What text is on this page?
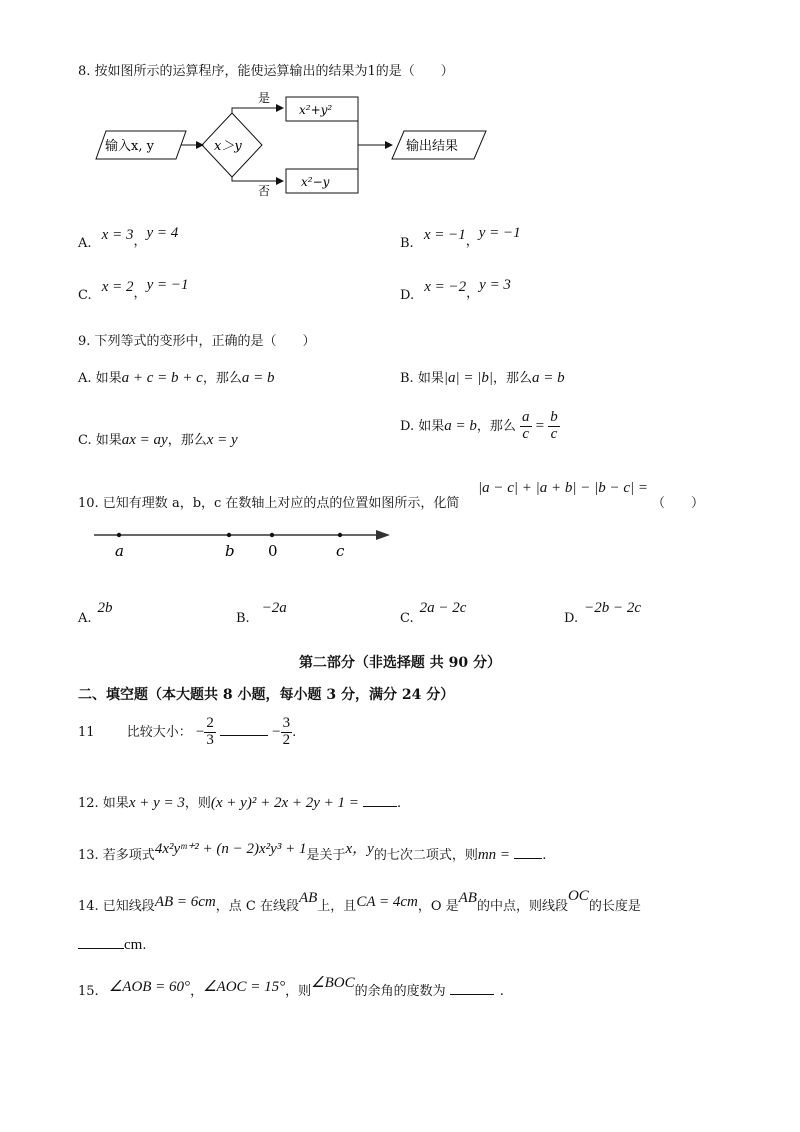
8. 按如图所示的运算程序，能使运算输出的结果为1的是（　　）
输入x, y	x＞y
是
x²+y²
否
x²−y
输出结果
A. x = 3，y = 4
B. x = −1，y = −1
C. x = 2，y = −1
D. x = −2，y = 3
9. 下列等式的变形中，正确的是（　　）
A. 如果a + c = b + c，那么a = b	B. 如果|a| = |b|，那么a = b
C. 如果ax = ay，那么x = y
D. 如果a = b，那么 $\frac{a}{c} = \frac{b}{c}$
10. 已知有理数 a，b，c 在数轴上对应的点的位置如图所示，化简
|a − c| + |a + b| − |b − c| =
（　　）
a	b 0	c
A.2b
B.−2a
C.2a − 2c
D.−2b − 2c
第二部分（非选择题 共 90 分）
二、填空题（本大题共 8 小题，每小题 3 分，满分 24 分）
11 比较大小： − $\frac{2}{3}$	− $\frac{3}{2}$ .
12. 如果x + y = 3，则(x + y)² + 2x + 2y + 1 =	.
13. 若多项式4x²yᵐ⁺² + (n − 2)x²y³ + 1是关于x，y的七次二项式，则mn = .
14. 已知线段AB = 6cm，点 C 在线段AB上，且CA = 4cm，O 是AB的中点，则线段OC的长度是
cm.
15. ∠AOB = 60°，∠AOC = 15°，则∠BOC的余角的度数为	.
